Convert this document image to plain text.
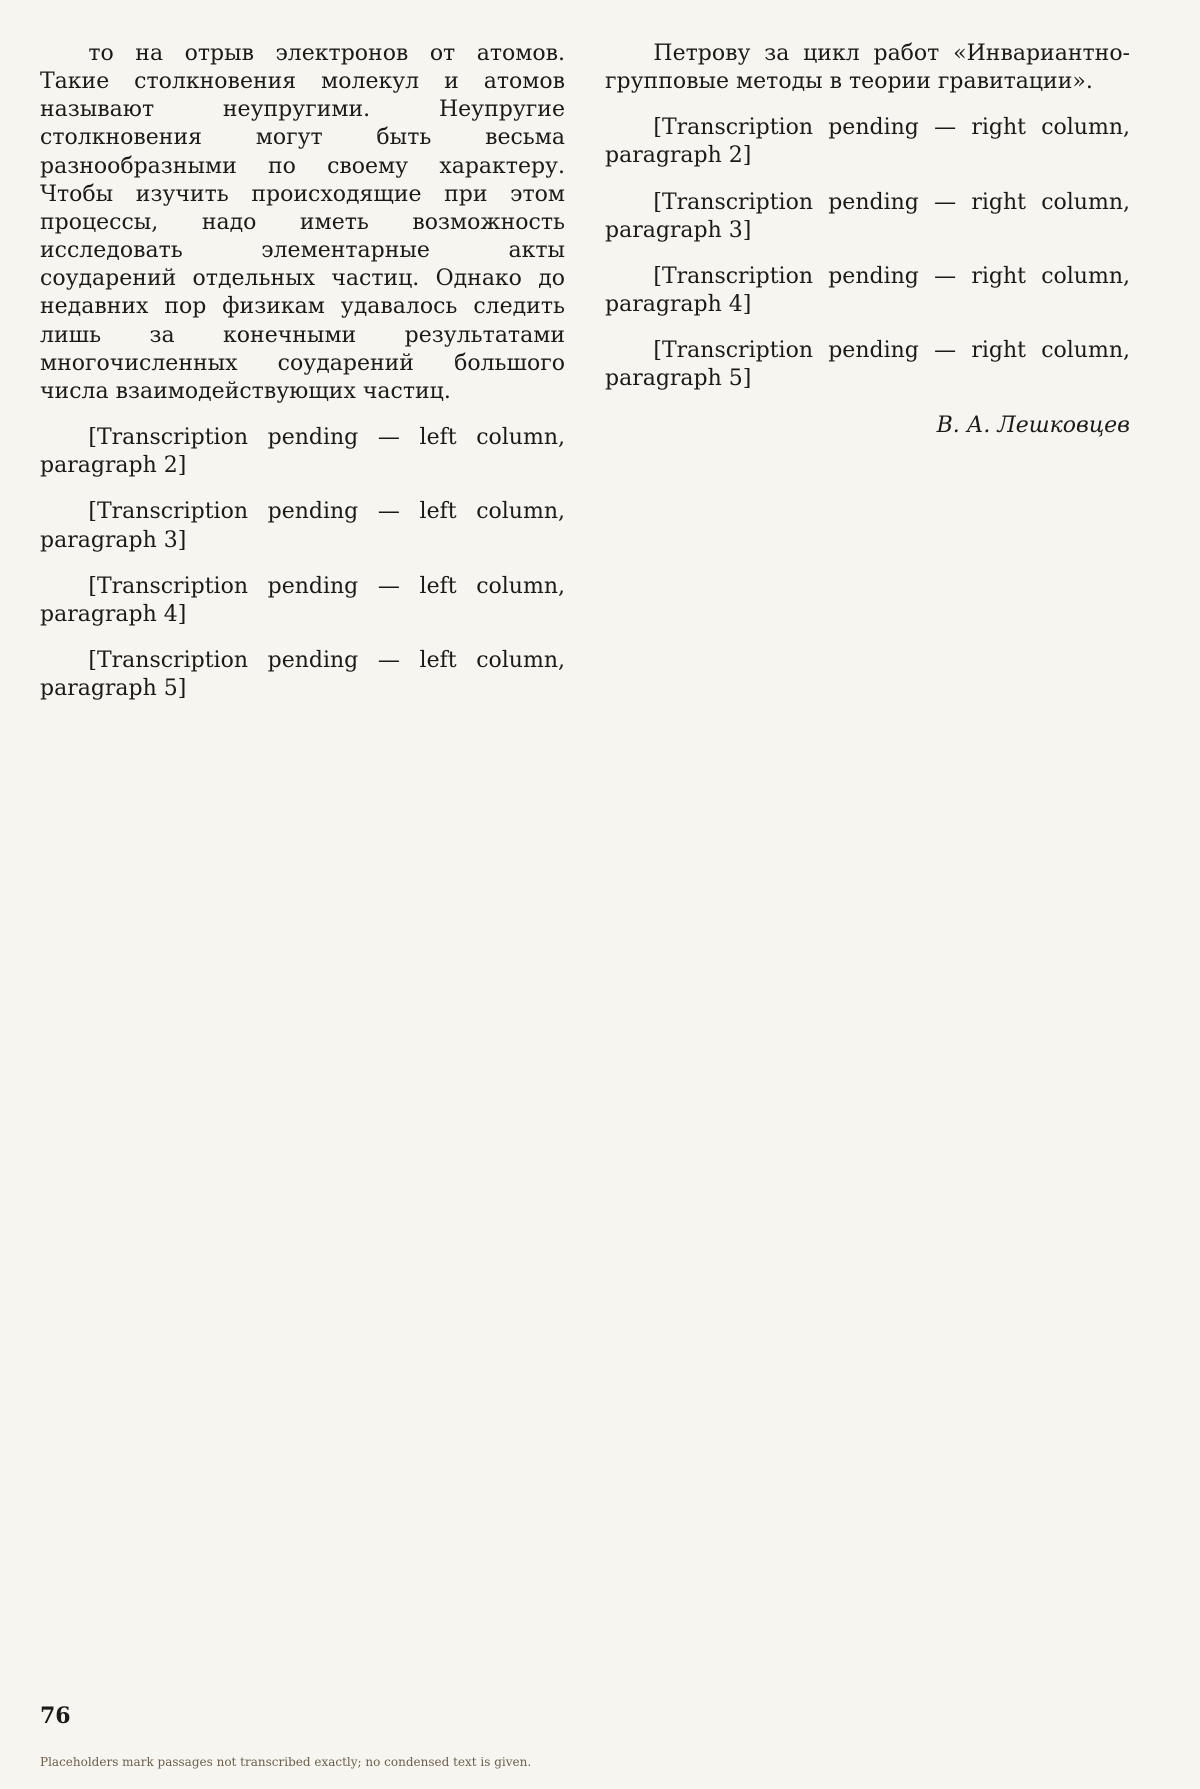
то на отрыв электронов от атомов. Такие столкновения молекул и атомов называют неупругими. Неупругие столкновения могут быть весьма разнообразными по своему характеру. Чтобы изучить происходящие при этом процессы, надо иметь возможность исследовать элементарные акты соударений отдельных частиц. Однако до недавних пор физикам удавалось следить лишь за конечными результатами многочисленных соударений большого числа взаимодействующих частиц.

[Transcription pending — left column, paragraph 2]

[Transcription pending — left column, paragraph 3]

[Transcription pending — left column, paragraph 4]

[Transcription pending — left column, paragraph 5]

Петрову за цикл работ «Инвариантно-групповые методы в теории гравитации».

[Transcription pending — right column, paragraph 2]

[Transcription pending — right column, paragraph 3]

[Transcription pending — right column, paragraph 4]

[Transcription pending — right column, paragraph 5]

В. А. Лешковцев
76
Placeholders mark passages not transcribed exactly; no condensed text is given.
